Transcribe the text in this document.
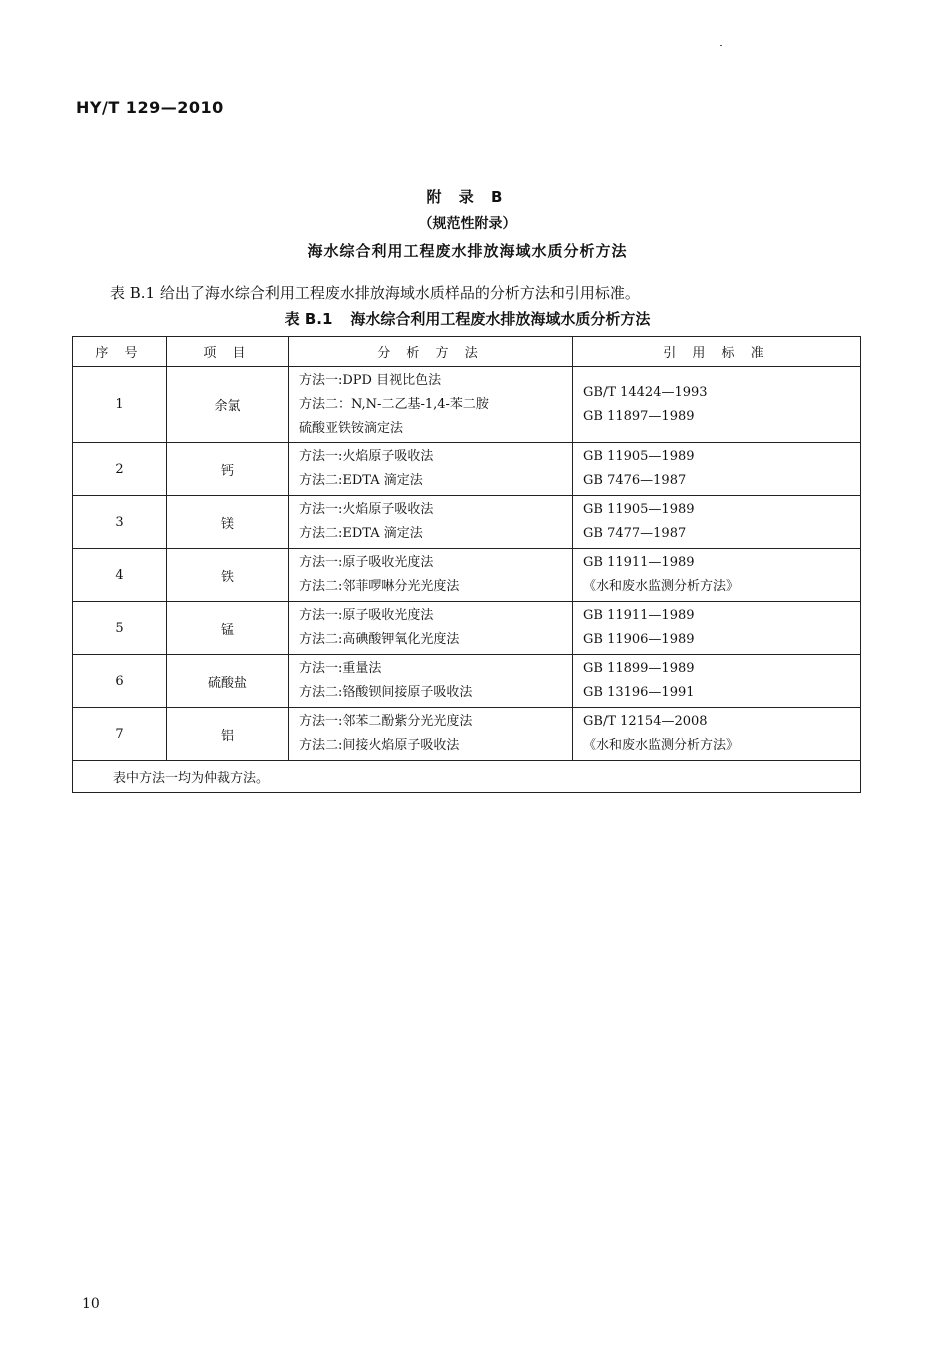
HY/T 129—2010
附 录 B
（规范性附录）
海水综合利用工程废水排放海域水质分析方法
表 B.1 给出了海水综合利用工程废水排放海域水质样品的分析方法和引用标准。
表 B.1 海水综合利用工程废水排放海域水质分析方法
序 号	项 目	分 析 方 法	引 用 标 准
1	余氯	方法一:DPD 目视比色法
方法二：N,N-二乙基-1,4-苯二胺
硫酸亚铁铵滴定法	GB/T 14424—1993
GB 11897—1989

2	钙	方法一:火焰原子吸收法
方法二:EDTA 滴定法	GB 11905—1989
GB 7476—1987

3	镁	方法一:火焰原子吸收法
方法二:EDTA 滴定法	GB 11905—1989
GB 7477—1987

4	铁	方法一:原子吸收光度法
方法二:邻菲啰啉分光光度法	GB 11911—1989
《水和废水监测分析方法》

5	锰	方法一:原子吸收光度法
方法二:高碘酸钾氧化光度法	GB 11911—1989
GB 11906—1989

6	硫酸盐	方法一:重量法
方法二:铬酸钡间接原子吸收法	GB 11899—1989
GB 13196—1991

7	铝	方法一:邻苯二酚紫分光光度法
方法二:间接火焰原子吸收法	GB/T 12154—2008
《水和废水监测分析方法》

表中方法一均为仲裁方法。			
10
